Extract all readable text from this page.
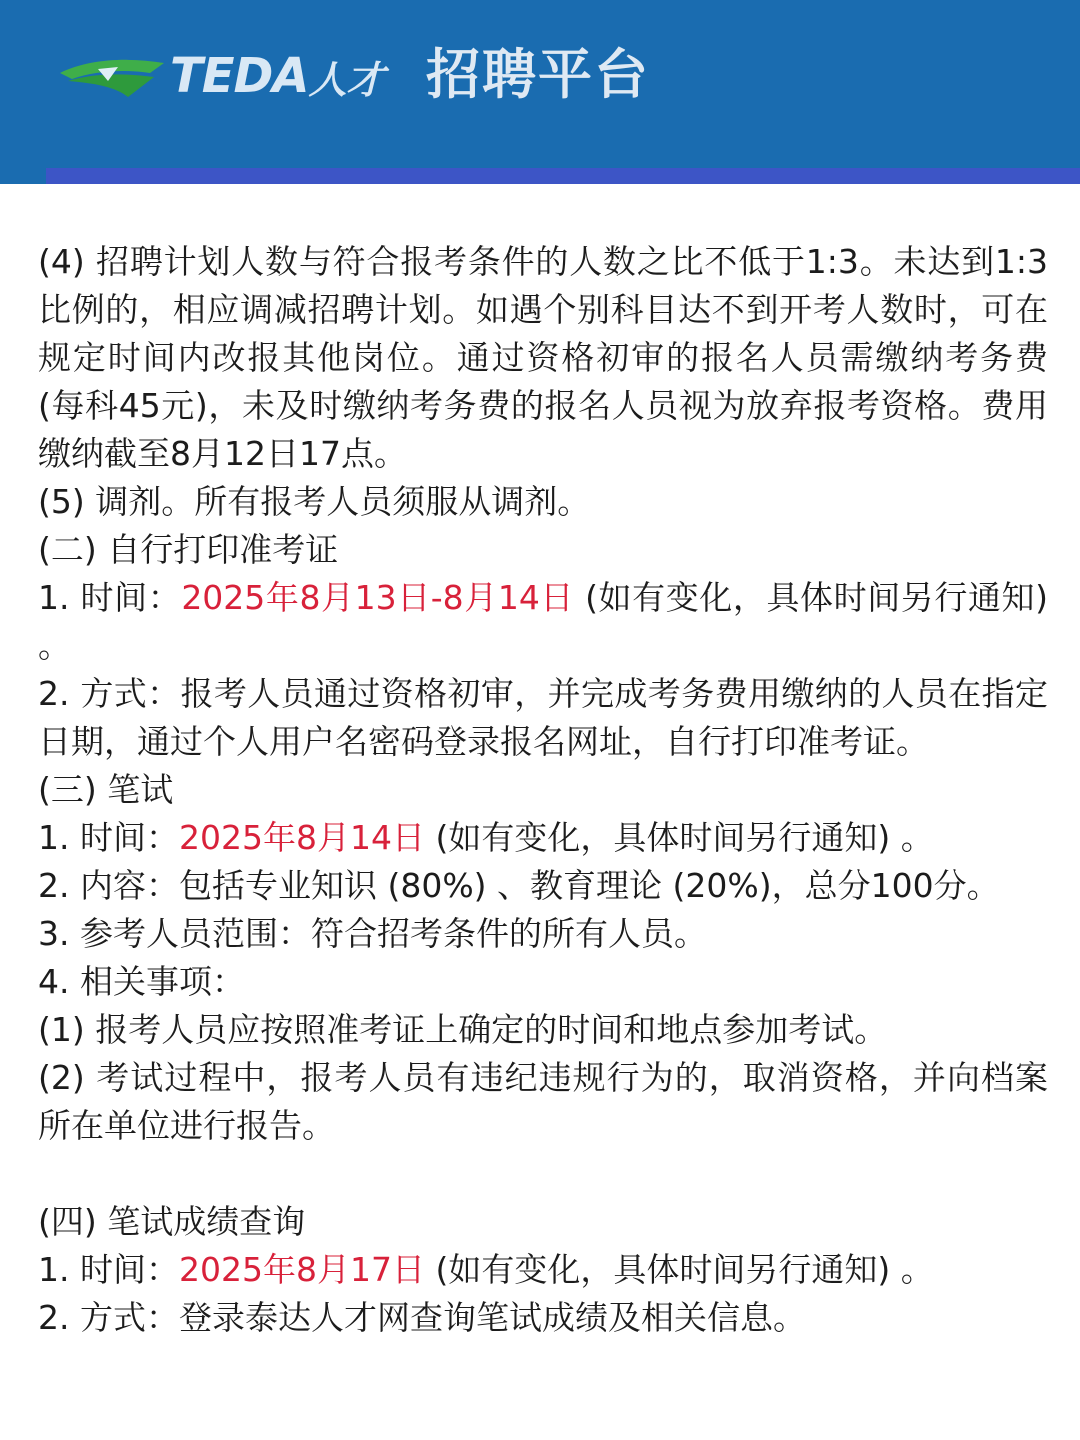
TEDA 人才 招聘平台

(4) 招聘计划人数与符合报考条件的人数之比不低于1:3。未达到1:3比例的，相应调减招聘计划。如遇个别科目达不到开考人数时，可在规定时间内改报其他岗位。通过资格初审的报名人员需缴纳考务费 (每科45元)，未及时缴纳考务费的报名人员视为放弃报考资格。费用缴纳截至8月12日17点。

(5) 调剂。所有报考人员须服从调剂。

(二) 自行打印准考证

1. 时间：2025年8月13日-8月14日 (如有变化，具体时间另行通知) 。

2. 方式：报考人员通过资格初审，并完成考务费用缴纳的人员在指定日期，通过个人用户名密码登录报名网址，自行打印准考证。

(三) 笔试

1. 时间：2025年8月14日 (如有变化，具体时间另行通知) 。

2. 内容：包括专业知识 (80%) 、教育理论 (20%)，总分100分。

3. 参考人员范围：符合招考条件的所有人员。

4. 相关事项：

(1) 报考人员应按照准考证上确定的时间和地点参加考试。

(2) 考试过程中，报考人员有违纪违规行为的，取消资格，并向档案所在单位进行报告。

(四) 笔试成绩查询

1. 时间：2025年8月17日 (如有变化，具体时间另行通知) 。

2. 方式：登录泰达人才网查询笔试成绩及相关信息。
